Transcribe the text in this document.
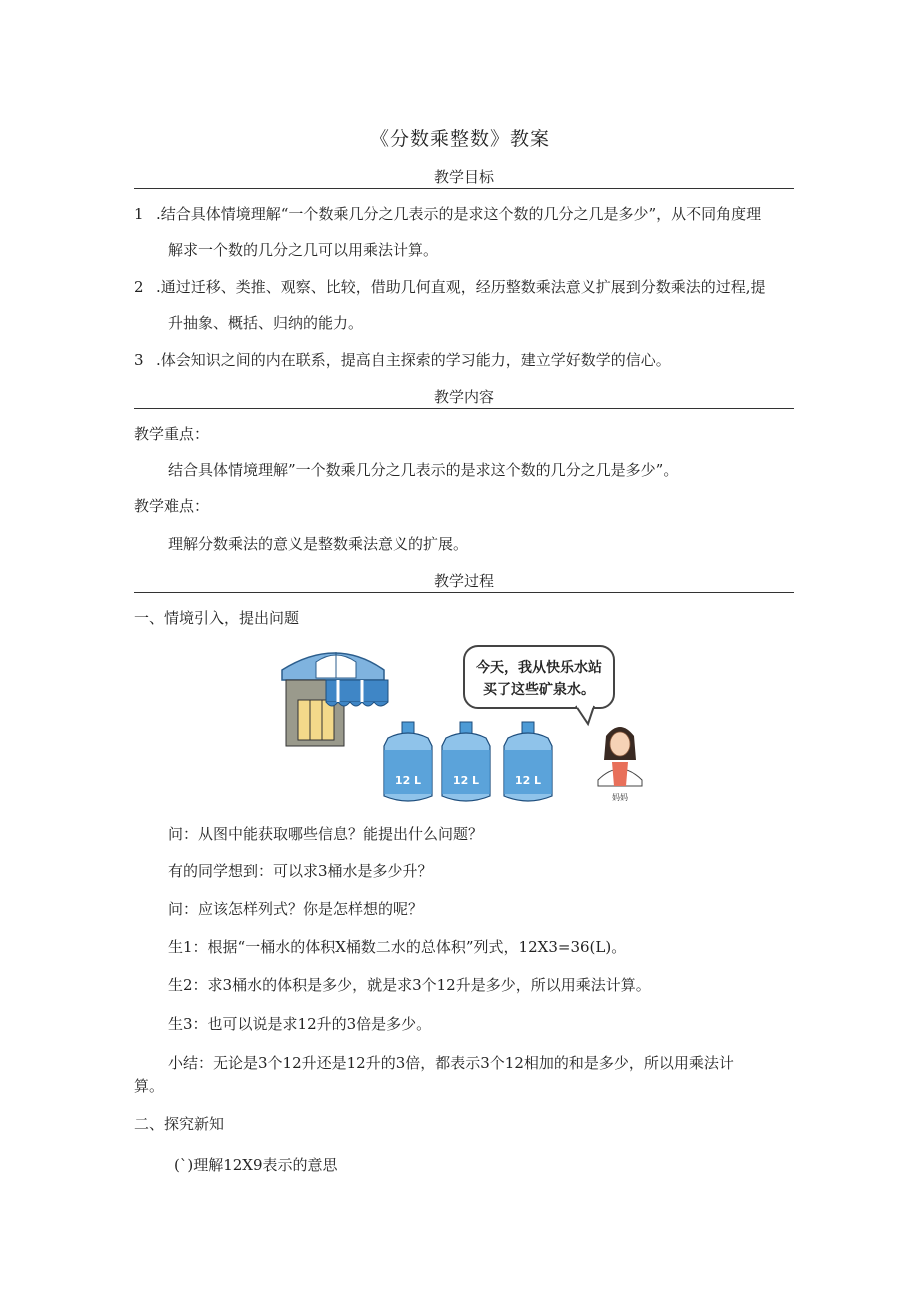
《分数乘整数》教案
教学目标
1 .结合具体情境理解“一个数乘几分之几表示的是求这个数的几分之几是多少”，从不同角度理
解求一个数的几分之几可以用乘法计算。
2 .通过迁移、类推、观察、比较，借助几何直观，经历整数乘法意义扩展到分数乘法的过程,提
升抽象、概括、归纳的能力。
3 .体会知识之间的内在联系，提高自主探索的学习能力，建立学好数学的信心。
教学内容
教学重点：
结合具体情境理解”一个数乘几分之几表示的是求这个数的几分之几是多少”。
教学难点：
理解分数乘法的意义是整数乘法意义的扩展。
教学过程
一、情境引入，提出问题
今天，我从快乐水站
买了这些矿泉水。
12 L	12 L	12 L
妈妈
问：从图中能获取哪些信息？能提出什么问题？
有的同学想到：可以求3桶水是多少升？
问：应该怎样列式？你是怎样想的呢？
生1：根据“一桶水的体积X桶数二水的总体积”列式，12X3=36(L)。
生2：求3桶水的体积是多少，就是求3个12升是多少，所以用乘法计算。
生3：也可以说是求12升的3倍是多少。
小结：无论是3个12升还是12升的3倍，都表示3个12相加的和是多少，所以用乘法计
算。
二、探究新知
(`)理解12X9表示的意思
